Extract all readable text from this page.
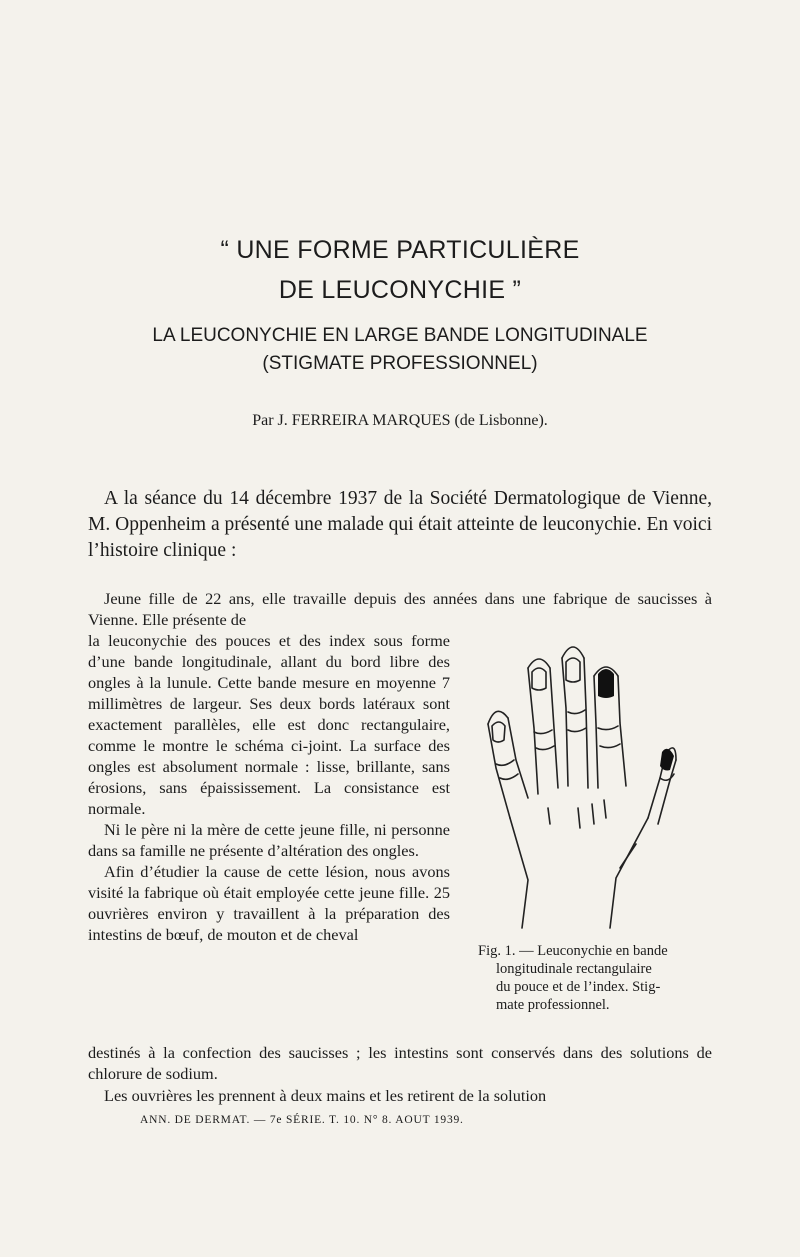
“ UNE FORME PARTICULIÈRE
DE LEUCONYCHIE ”
LA LEUCONYCHIE EN LARGE BANDE LONGITUDINALE
(STIGMATE PROFESSIONNEL)

Par J. FERREIRA MARQUES (de Lisbonne).

A la séance du 14 décembre 1937 de la Société Dermatologique de Vienne, M. Oppenheim a présenté une malade qui était atteinte de leuconychie. En voici l’histoire clinique :

Jeune fille de 22 ans, elle travaille depuis des années dans une fabrique de saucisses à Vienne. Elle présente de

la leuconychie des pouces et des index sous forme d’une bande longitudinale, allant du bord libre des ongles à la lunule. Cette bande mesure en moyenne 7 millimètres de largeur. Ses deux bords latéraux sont exactement parallèles, elle est donc rectangulaire, comme le montre le schéma ci-joint. La surface des ongles est absolument normale : lisse, brillante, sans érosions, sans épaississement. La consistance est normale.

Ni le père ni la mère de cette jeune fille, ni personne dans sa famille ne présente d’altération des ongles.

Afin d’étudier la cause de cette lésion, nous avons visité la fabrique où était employée cette jeune fille. 25 ouvrières environ y travaillent à la préparation des intestins de bœuf, de mouton et de cheval

destinés à la confection des saucisses ; les intestins sont conservés dans des solutions de chlorure de sodium.

Les ouvrières les prennent à deux mains et les retirent de la solution

Fig. 1. — Leuconychie en bande
longitudinale rectangulaire
du pouce et de l’index. Stig-
mate professionnel.

ANN. DE DERMAT. — 7e SÉRIE. T. 10. N° 8. AOUT 1939.
